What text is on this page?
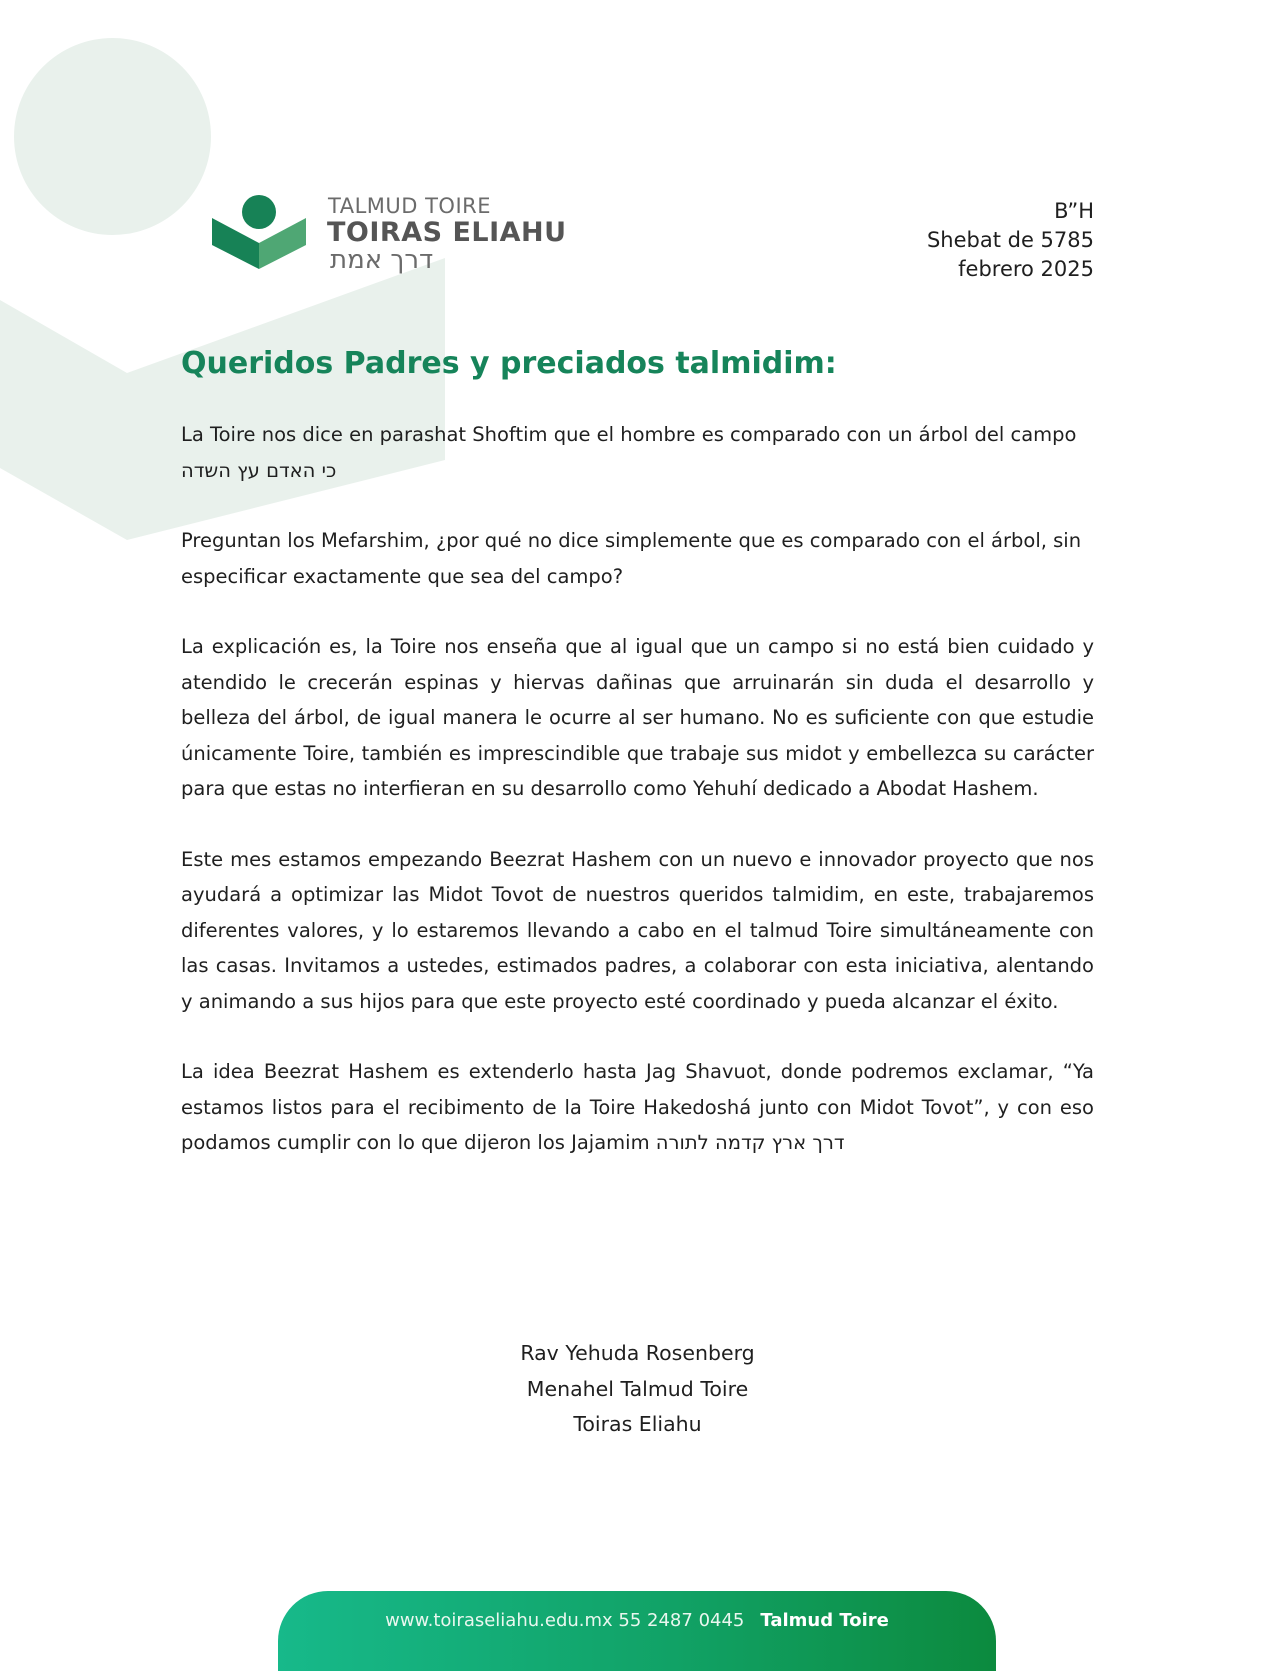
TALMUD TOIRE
TOIRAS ELIAHU
דרך אמת
B”H
Shebat de 5785
febrero 2025
Queridos Padres y preciados talmidim:

La Toire nos dice en parashat Shoftim que el hombre es comparado con un árbol del campo
כי האדם עץ השדה

Preguntan los Mefarshim, ¿por qué no dice simplemente que es comparado con el árbol, sin especificar exactamente que sea del campo?

La explicación es, la Toire nos enseña que al igual que un campo si no está bien cuidado y atendido le crecerán espinas y hiervas dañinas que arruinarán sin duda el desarrollo y belleza del árbol, de igual manera le ocurre al ser humano. No es suficiente con que estudie únicamente Toire, también es imprescindible que trabaje sus midot y embellezca su carácter para que estas no interfieran en su desarrollo como Yehuhí dedicado a Abodat Hashem.

Este mes estamos empezando Beezrat Hashem con un nuevo e innovador proyecto que nos ayudará a optimizar las Midot Tovot de nuestros queridos talmidim, en este, trabajaremos diferentes valores, y lo estaremos llevando a cabo en el talmud Toire simultáneamente con las casas. Invitamos a ustedes, estimados padres, a colaborar con esta iniciativa, alentando y animando a sus hijos para que este proyecto esté coordinado y pueda alcanzar el éxito.

La idea Beezrat Hashem es extenderlo hasta Jag Shavuot, donde podremos exclamar, “Ya estamos listos para el recibimento de la Toire Hakedoshá junto con Midot Tovot”, y con eso podamos cumplir con lo que dijeron los Jajamim דרך ארץ קדמה לתורה

Rav Yehuda Rosenberg
Menahel Talmud Toire
Toiras Eliahu
www.toiraseliahu.edu.mx 55 2487 0445 Talmud Toire
